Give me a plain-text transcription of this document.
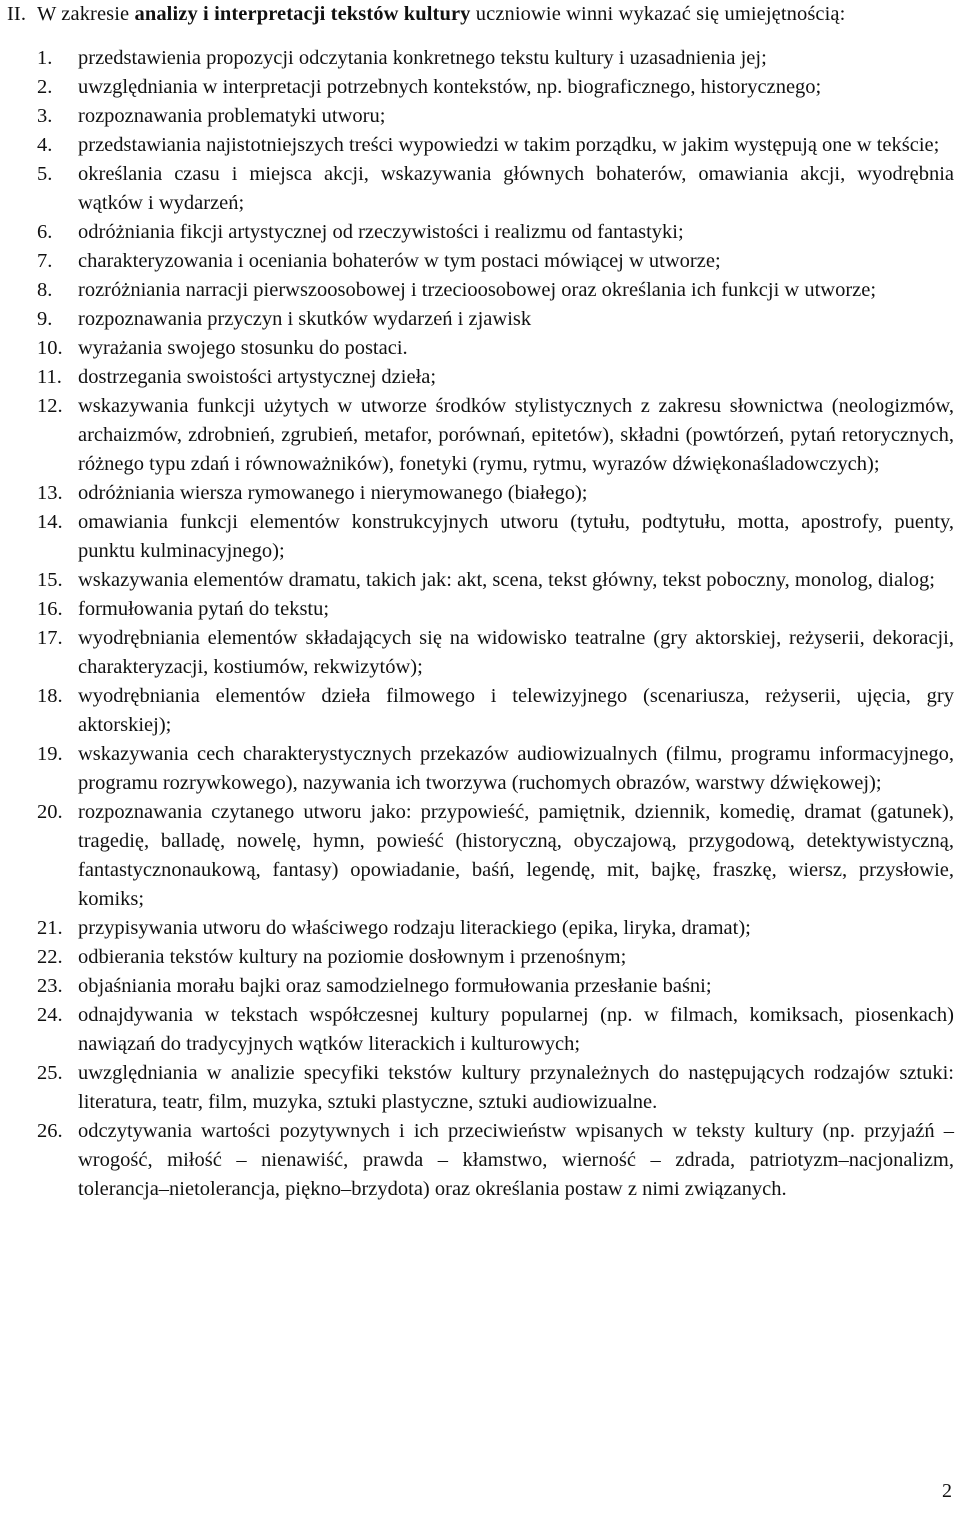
II. W zakresie analizy i interpretacji tekstów kultury uczniowie winni wykazać się umiejętnością:
1.	przedstawienia propozycji odczytania konkretnego tekstu kultury i uzasadnienia jej;
2.	uwzględniania w interpretacji potrzebnych kontekstów, np. biograficznego, historycznego;
3.	rozpoznawania problematyki utworu;
4.	przedstawiania najistotniejszych treści wypowiedzi w takim porządku, w jakim występują one w tekście;
5.	określania czasu i miejsca akcji, wskazywania głównych bohaterów, omawiania akcji, wyodrębnia wątków i wydarzeń;
6.	odróżniania fikcji artystycznej od rzeczywistości i realizmu od fantastyki;
7.	charakteryzowania i oceniania bohaterów w tym postaci mówiącej w utworze;
8.	rozróżniania narracji pierwszoosobowej i trzecioosobowej oraz określania ich funkcji w utworze;
9.	rozpoznawania przyczyn i skutków wydarzeń i zjawisk
10. wyrażania swojego stosunku do postaci.
11. dostrzegania swoistości artystycznej dzieła;
12. wskazywania funkcji użytych w utworze środków stylistycznych z zakresu słownictwa (neologizmów, archaizmów, zdrobnień, zgrubień, metafor, porównań, epitetów), składni (powtórzeń, pytań retorycznych, różnego typu zdań i równoważników), fonetyki (rymu, rytmu, wyrazów dźwiękonaśladowczych);
13. odróżniania wiersza rymowanego i nierymowanego (białego);
14. omawiania funkcji elementów konstrukcyjnych utworu (tytułu, podtytułu, motta, apostrofy, puenty, punktu kulminacyjnego);
15. wskazywania elementów dramatu, takich jak: akt, scena, tekst główny, tekst poboczny, monolog, dialog;
16. formułowania pytań do tekstu;
17. wyodrębniania elementów składających się na widowisko teatralne (gry aktorskiej, reżyserii, dekoracji, charakteryzacji, kostiumów, rekwizytów);
18. wyodrębniania elementów dzieła filmowego i telewizyjnego (scenariusza, reżyserii, ujęcia, gry aktorskiej);
19. wskazywania cech charakterystycznych przekazów audiowizualnych (filmu, programu informacyjnego, programu rozrywkowego), nazywania ich tworzywa (ruchomych obrazów, warstwy dźwiękowej);
20. rozpoznawania czytanego utworu jako: przypowieść, pamiętnik, dziennik, komedię, dramat (gatunek), tragedię, balladę, nowelę, hymn, powieść (historyczną, obyczajową, przygodową, detektywistyczną, fantastycznonaukową, fantasy) opowiadanie, baśń, legendę, mit, bajkę, fraszkę, wiersz, przysłowie, komiks;
21. przypisywania utworu do właściwego rodzaju literackiego (epika, liryka, dramat);
22. odbierania tekstów kultury na poziomie dosłownym i przenośnym;
23. objaśniania morału bajki oraz samodzielnego formułowania przesłanie baśni;
24. odnajdywania w tekstach współczesnej kultury popularnej (np. w filmach, komiksach, piosenkach) nawiązań do tradycyjnych wątków literackich i kulturowych;
25. uwzględniania w analizie specyfiki tekstów kultury przynależnych do następujących rodzajów sztuki: literatura, teatr, film, muzyka, sztuki plastyczne, sztuki audiowizualne.
26. odczytywania wartości pozytywnych i ich przeciwieństw wpisanych w teksty kultury (np. przyjaźń – wrogość, miłość – nienawiść, prawda – kłamstwo, wierność – zdrada, patriotyzm–nacjonalizm, tolerancja–nietolerancja, piękno–brzydota) oraz określania postaw z nimi związanych.
2
